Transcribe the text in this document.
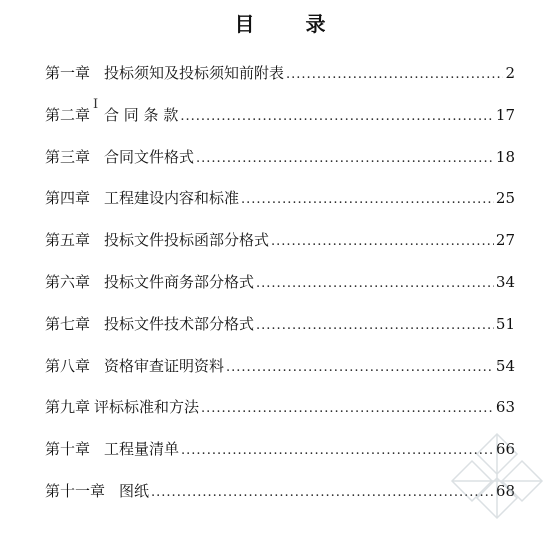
目 录
第一章 投标须知及投标须知前附表 .....	2
第二章 合 同 条 款 .....	17
第三章 合同文件格式 .....	18
第四章 工程建设内容和标准 .....	25
第五章 投标文件投标函部分格式 .....	27
第六章 投标文件商务部分格式 .....	34
第七章 投标文件技术部分格式 .....	51
第八章 资格审查证明资料 .....	54
第九章 评标标准和方法 .....	63
第十章 工程量清单 .....	66
第十一章 图纸 .....	68
I
